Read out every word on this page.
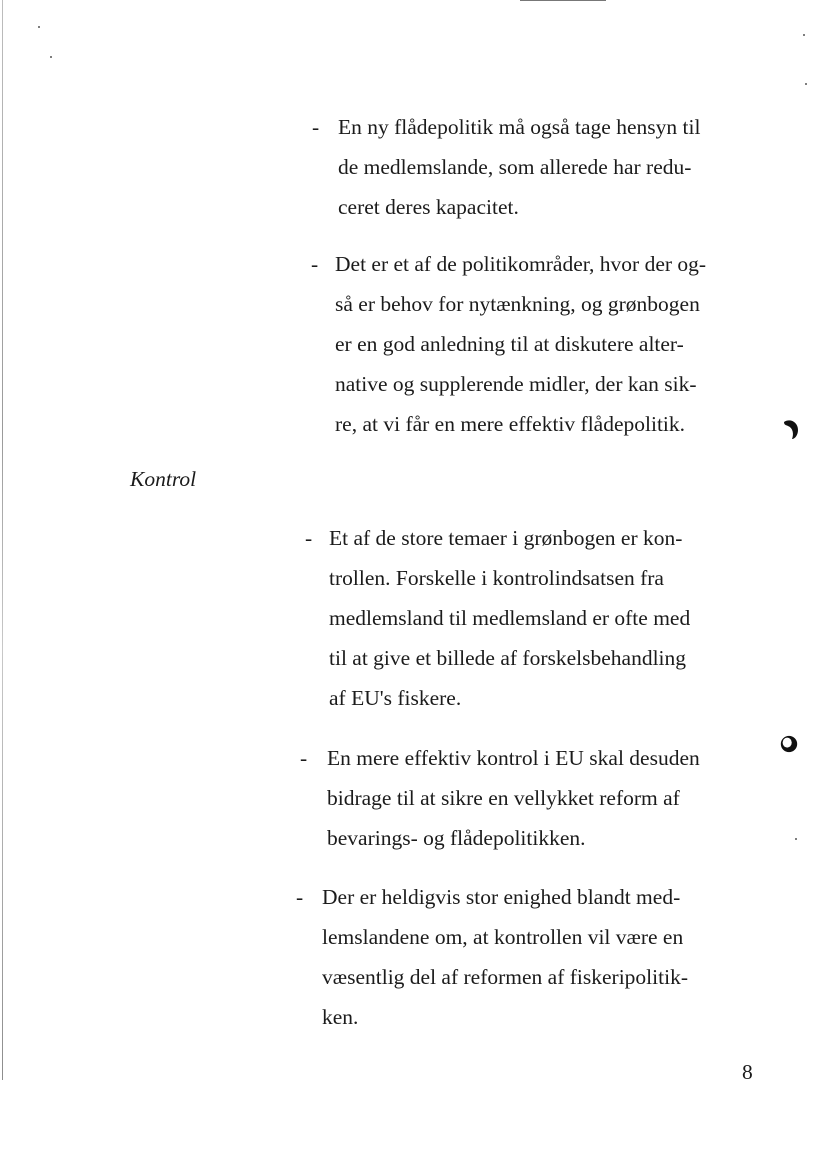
- En ny flådepolitik må også tage hensyn til
de medlemslande, som allerede har redu-
ceret deres kapacitet.
- Det er et af de politikområder, hvor der og-
så er behov for nytænkning, og grønbogen
er en god anledning til at diskutere alter-
native og supplerende midler, der kan sik-
re, at vi får en mere effektiv flådepolitik.
Kontrol
- Et af de store temaer i grønbogen er kon-
trollen. Forskelle i kontrolindsatsen fra
medlemsland til medlemsland er ofte med
til at give et billede af forskelsbehandling
af EU's fiskere.
- En mere effektiv kontrol i EU skal desuden
bidrage til at sikre en vellykket reform af
bevarings- og flådepolitikken.
- Der er heldigvis stor enighed blandt med-
lemslandene om, at kontrollen vil være en
væsentlig del af reformen af fiskeripolitik-
ken.
8
